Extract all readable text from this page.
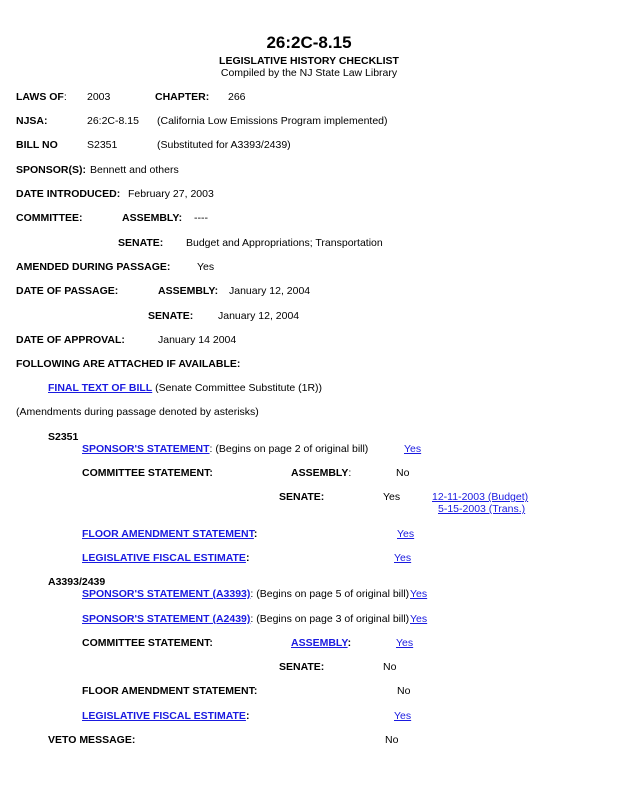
26:2C-8.15
LEGISLATIVE HISTORY CHECKLIST
Compiled by the NJ State Law Library
LAWS OF: 2003	CHAPTER: 266
NJSA:	26:2C-8.15 (California Low Emissions Program implemented)
BILL NO	S2351	(Substituted for A3393/2439)
SPONSOR(S): Bennett and others
DATE INTRODUCED: February 27, 2003
COMMITTEE:	ASSEMBLY: ----
SENATE: Budget and Appropriations; Transportation
AMENDED DURING PASSAGE:	Yes
DATE OF PASSAGE:	ASSEMBLY: January 12, 2004
SENATE: January 12, 2004
DATE OF APPROVAL:	January 14 2004
FOLLOWING ARE ATTACHED IF AVAILABLE:
FINAL TEXT OF BILL (Senate Committee Substitute (1R))
(Amendments during passage denoted by asterisks)
S2351
SPONSOR'S STATEMENT: (Begins on page 2 of original bill)	Yes
COMMITTEE STATEMENT:	ASSEMBLY:	No
SENATE:	Yes	12-11-2003 (Budget)
5-15-2003 (Trans.)
FLOOR AMENDMENT STATEMENT:	Yes
LEGISLATIVE FISCAL ESTIMATE:	Yes
A3393/2439
SPONSOR'S STATEMENT (A3393): (Begins on page 5 of original bill) Yes
SPONSOR'S STATEMENT (A2439): (Begins on page 3 of original bill) Yes
COMMITTEE STATEMENT:	ASSEMBLY:	Yes
SENATE:	No
FLOOR AMENDMENT STATEMENT:	No
LEGISLATIVE FISCAL ESTIMATE:	Yes
VETO MESSAGE:	No
